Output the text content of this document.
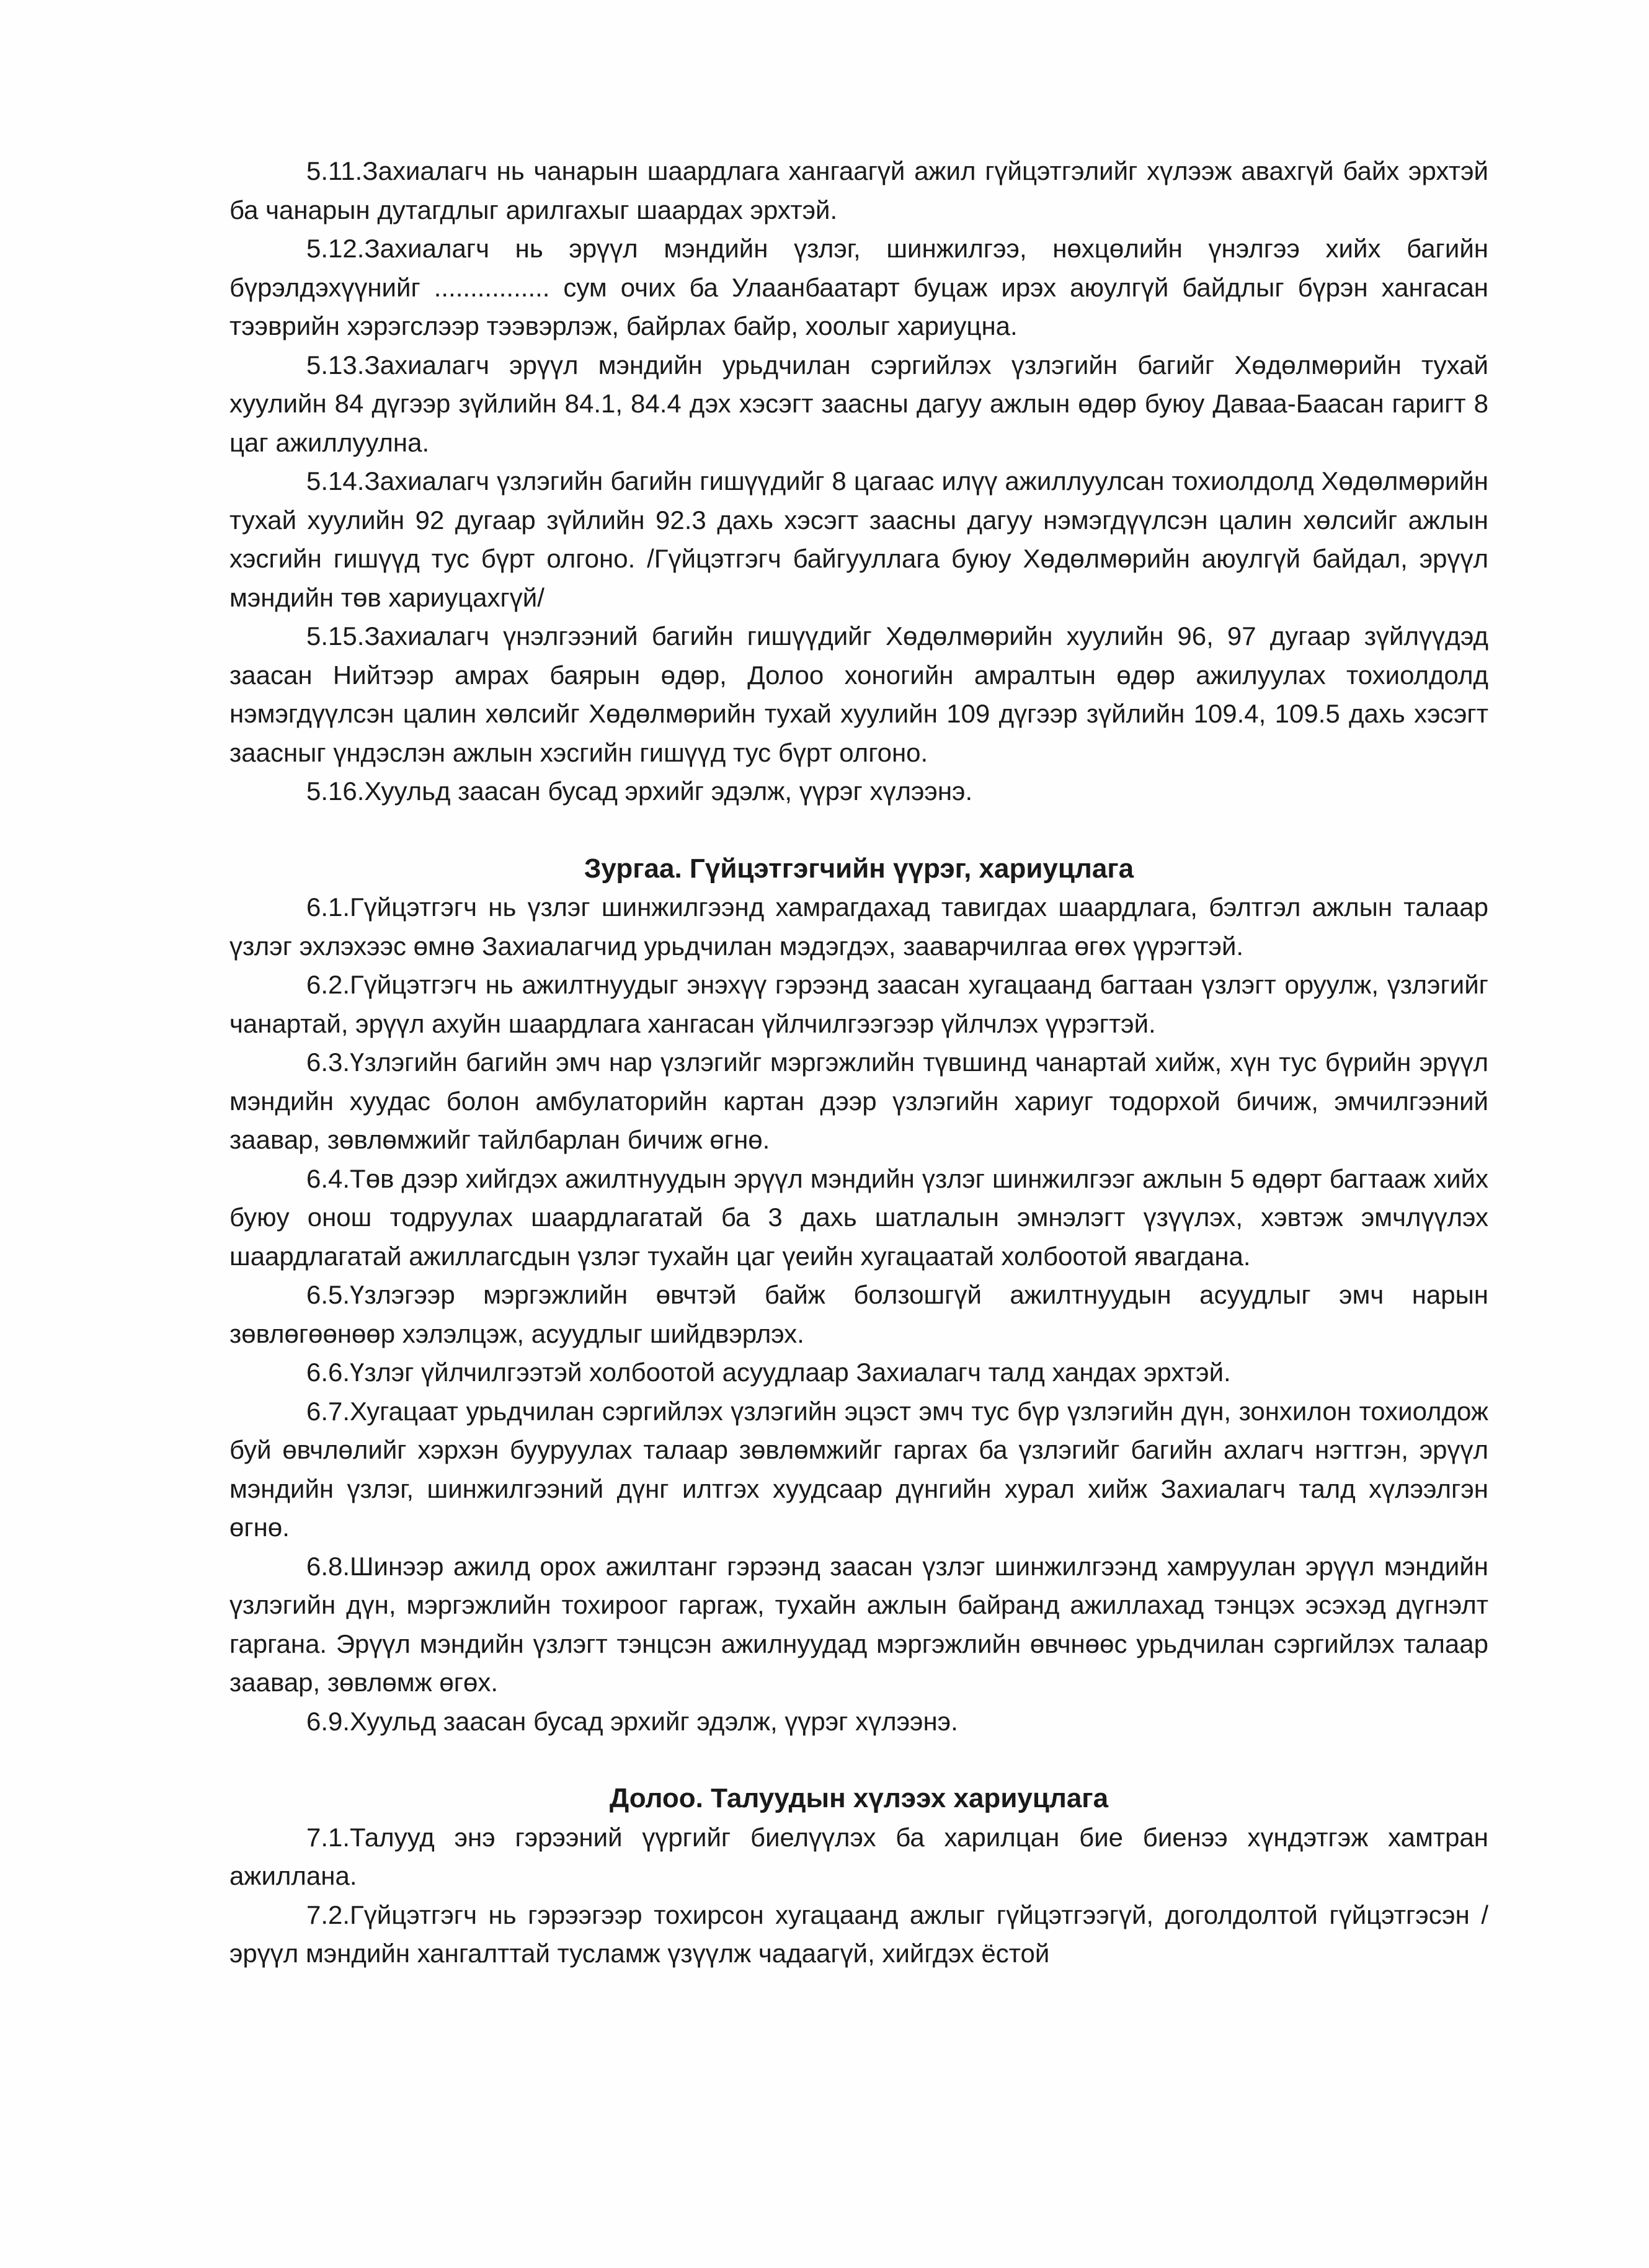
5.11.Захиалагч нь чанарын шаардлага хангаагүй ажил гүйцэтгэлийг хүлээж авахгүй байх эрхтэй ба чанарын дутагдлыг арилгахыг шаардах эрхтэй.

5.12.Захиалагч нь эрүүл мэндийн үзлэг, шинжилгээ, нөхцөлийн үнэлгээ хийх багийн бүрэлдэхүүнийг ................ сум очих ба Улаанбаатарт буцаж ирэх аюулгүй байдлыг бүрэн хангасан тээврийн хэрэгслээр тээвэрлэж, байрлах байр, хоолыг хариуцна.

5.13.Захиалагч эрүүл мэндийн урьдчилан сэргийлэх үзлэгийн багийг Хөдөлмөрийн тухай хуулийн 84 дүгээр зүйлийн 84.1, 84.4 дэх хэсэгт заасны дагуу ажлын өдөр буюу Даваа-Баасан гаригт 8 цаг ажиллуулна.

5.14.Захиалагч үзлэгийн багийн гишүүдийг 8 цагаас илүү ажиллуулсан тохиолдолд Хөдөлмөрийн тухай хуулийн 92 дугаар зүйлийн 92.3 дахь хэсэгт заасны дагуу нэмэгдүүлсэн цалин хөлсийг ажлын хэсгийн гишүүд тус бүрт олгоно. /Гүйцэтгэгч байгууллага буюу Хөдөлмөрийн аюулгүй байдал, эрүүл мэндийн төв хариуцахгүй/

5.15.Захиалагч үнэлгээний багийн гишүүдийг Хөдөлмөрийн хуулийн 96, 97 дугаар зүйлүүдэд заасан Нийтээр амрах баярын өдөр, Долоо хоногийн амралтын өдөр ажилуулах тохиолдолд нэмэгдүүлсэн цалин хөлсийг Хөдөлмөрийн тухай хуулийн 109 дүгээр зүйлийн 109.4, 109.5 дахь хэсэгт заасныг үндэслэн ажлын хэсгийн гишүүд тус бүрт олгоно.

5.16.Хуульд заасан бусад эрхийг эдэлж, үүрэг хүлээнэ.

Зургаа. Гүйцэтгэгчийн үүрэг, хариуцлага

6.1.Гүйцэтгэгч нь үзлэг шинжилгээнд хамрагдахад тавигдах шаардлага, бэлтгэл ажлын талаар үзлэг эхлэхээс өмнө Захиалагчид урьдчилан мэдэгдэх, зааварчилгаа өгөх үүрэгтэй.

6.2.Гүйцэтгэгч нь ажилтнуудыг энэхүү гэрээнд заасан хугацаанд багтаан үзлэгт оруулж, үзлэгийг чанартай, эрүүл ахуйн шаардлага хангасан үйлчилгээгээр үйлчлэх үүрэгтэй.

6.3.Үзлэгийн багийн эмч нар үзлэгийг мэргэжлийн түвшинд чанартай хийж, хүн тус бүрийн эрүүл мэндийн хуудас болон амбулаторийн картан дээр үзлэгийн хариуг тодорхой бичиж, эмчилгээний заавар, зөвлөмжийг тайлбарлан бичиж өгнө.

6.4.Төв дээр хийгдэх ажилтнуудын эрүүл мэндийн үзлэг шинжилгээг ажлын 5 өдөрт багтааж хийх буюу онош тодруулах шаардлагатай ба 3 дахь шатлалын эмнэлэгт үзүүлэх, хэвтэж эмчлүүлэх шаардлагатай ажиллагсдын үзлэг тухайн цаг үеийн хугацаатай холбоотой явагдана.

6.5.Үзлэгээр мэргэжлийн өвчтэй байж болзошгүй ажилтнуудын асуудлыг эмч нарын зөвлөгөөнөөр хэлэлцэж, асуудлыг шийдвэрлэх.

6.6.Үзлэг үйлчилгээтэй холбоотой асуудлаар Захиалагч талд хандах эрхтэй.

6.7.Хугацаат урьдчилан сэргийлэх үзлэгийн эцэст эмч тус бүр үзлэгийн дүн, зонхилон тохиолдож буй өвчлөлийг хэрхэн бууруулах талаар зөвлөмжийг гаргах ба үзлэгийг багийн ахлагч нэгтгэн, эрүүл мэндийн үзлэг, шинжилгээний дүнг илтгэх хуудсаар дүнгийн хурал хийж Захиалагч талд хүлээлгэн өгнө.

6.8.Шинээр ажилд орох ажилтанг гэрээнд заасан үзлэг шинжилгээнд хамруулан эрүүл мэндийн үзлэгийн дүн, мэргэжлийн тохироог гаргаж, тухайн ажлын байранд ажиллахад тэнцэх эсэхэд дүгнэлт гаргана. Эрүүл мэндийн үзлэгт тэнцсэн ажилнуудад мэргэжлийн өвчнөөс урьдчилан сэргийлэх талаар заавар, зөвлөмж өгөх.

6.9.Хуульд заасан бусад эрхийг эдэлж, үүрэг хүлээнэ.

Долоо. Талуудын хүлээх хариуцлага

7.1.Талууд энэ гэрээний үүргийг биелүүлэх ба харилцан бие биенээ хүндэтгэж хамтран ажиллана.

7.2.Гүйцэтгэгч нь гэрээгээр тохирсон хугацаанд ажлыг гүйцэтгээгүй, доголдолтой гүйцэтгэсэн /эрүүл мэндийн хангалттай тусламж үзүүлж чадаагүй, хийгдэх ёстой
